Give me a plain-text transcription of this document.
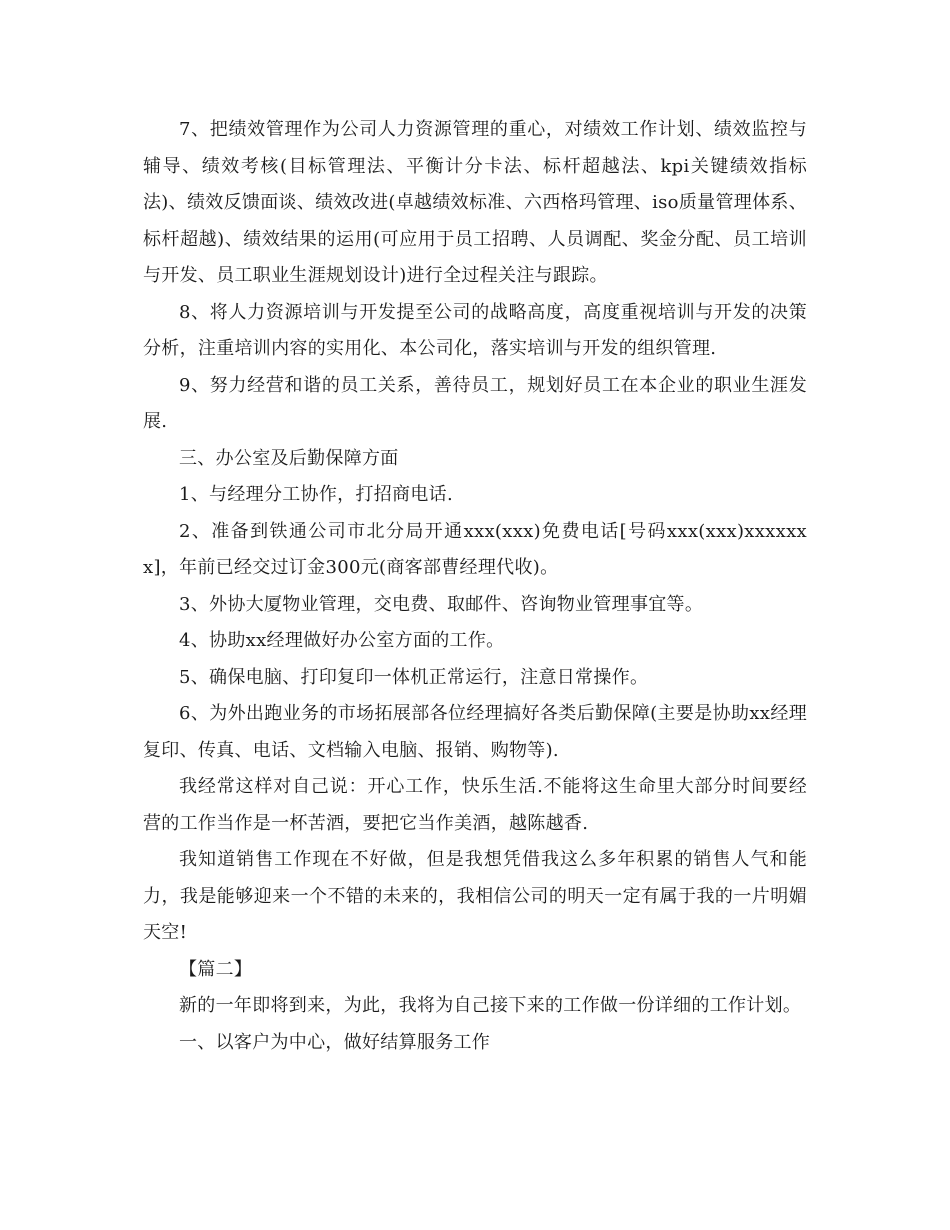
7、把绩效管理作为公司人力资源管理的重心，对绩效工作计划、绩效监控与辅导、绩效考核(目标管理法、平衡计分卡法、标杆超越法、kpi关键绩效指标法)、绩效反馈面谈、绩效改进(卓越绩效标准、六西格玛管理、iso质量管理体系、标杆超越)、绩效结果的运用(可应用于员工招聘、人员调配、奖金分配、员工培训与开发、员工职业生涯规划设计)进行全过程关注与跟踪。

8、将人力资源培训与开发提至公司的战略高度，高度重视培训与开发的决策分析，注重培训内容的实用化、本公司化，落实培训与开发的组织管理.

9、努力经营和谐的员工关系，善待员工，规划好员工在本企业的职业生涯发展.

三、办公室及后勤保障方面

1、与经理分工协作，打招商电话.

2、准备到铁通公司市北分局开通xxx(xxx)免费电话[号码xxx(xxx)xxxxxxx]，年前已经交过订金300元(商客部曹经理代收)。

3、外协大厦物业管理，交电费、取邮件、咨询物业管理事宜等。

4、协助xx经理做好办公室方面的工作。

5、确保电脑、打印复印一体机正常运行，注意日常操作。

6、为外出跑业务的市场拓展部各位经理搞好各类后勤保障(主要是协助xx经理复印、传真、电话、文档输入电脑、报销、购物等).

我经常这样对自己说：开心工作，快乐生活.不能将这生命里大部分时间要经营的工作当作是一杯苦酒，要把它当作美酒，越陈越香.

我知道销售工作现在不好做，但是我想凭借我这么多年积累的销售人气和能力，我是能够迎来一个不错的未来的，我相信公司的明天一定有属于我的一片明媚天空!

【篇二】

新的一年即将到来，为此，我将为自己接下来的工作做一份详细的工作计划。

一、以客户为中心，做好结算服务工作
